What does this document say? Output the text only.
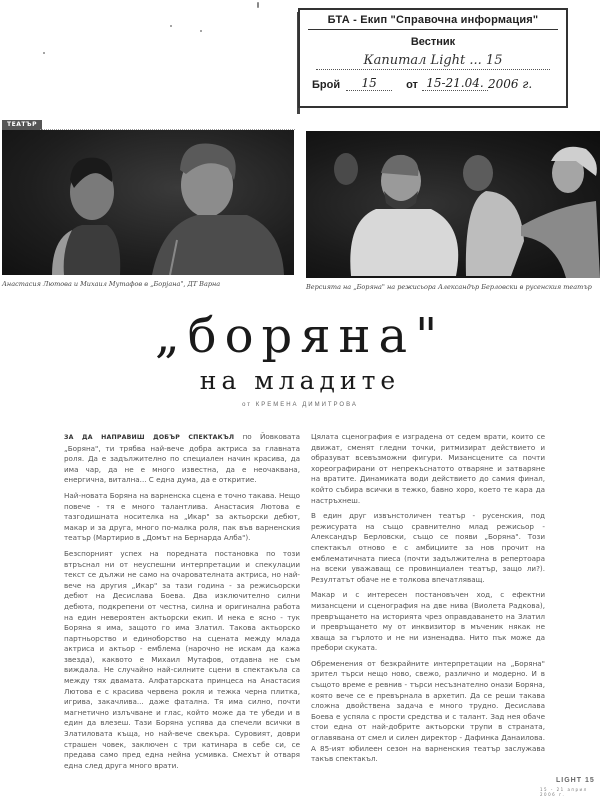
БТА - Екип "Справочна информация"
Вестник
Капитал Light ... 15
Брой	15	от 15-21.04. 2006 г.
ТЕАТЪР
Анастасия Лютова и Михаил Мутафов в „Борjана", ДТ Варна	Версията на „Боряна" на режисьора Александър Берловски в русенския театър
„боряна"
на младите
от КРЕМЕНА ДИМИТРОВА

ЗА ДА НАПРАВИШ ДОБЪР СПЕКТАКЪЛ по Йовковата „Боряна", ти трябва най-вече добра актриса за главната роля. Да е задължително по специален начин красива, да има чар, да не е много известна, да е неочаквана, енергична, витална... С една дума, да е откритие.

Най-новата Боряна на варненска сцена е точно такава. Нещо повече - тя е много талантлива. Анастасия Лютова е тазгодишната носителка на „Икар" за актьорски дебют, макар и за друга, много по-малка роля, пак във варненския театър (Мартирио в „Домът на Бернарда Алба").

Безспорният успех на поредната постановка по този втръснал ни от неуспешни интерпретации и спекулации текст се дължи не само на очарователната актриса, но най-вече на другия „Икар" за тази година - за режисьорски дебют на Десислава Боева. Два изключително силни дебюта, подкрепени от честна, силна и оригинална работа на един невероятен актьорски екип. И нека е ясно - тук Боряна я има, защото го има Златил. Такова актьорско партньорство и единоборство на сцената между млада актриса и актьор - емблема (нарочно не искам да кажа звезда), каквото е Михаил Мутафов, отдавна не съм виждала. Не случайно най-силните сцени в спектакъла са между тях двамата. Алфатарската принцеса на Анастасия Лютова е с красива червена рокля и тежка черна плитка, игрива, закачлива... даже фатална. Тя има силно, почти магнетично излъчване и глас, който може да те убеди и в един да влезеш. Тази Боряна успява да спечели всички в Златиловата къща, но най-вече свекъра. Суровият, доври страшен човек, заключен с три катинара в себе си, се предава само пред една нейна усмивка. Смехът ѝ отваря една след друга много врати.

Цялата сценография е изградена от седем врати, които се движат, сменят гледни точки, ритмизират действието и образуват всевъзможни фигури. Мизансцените са почти хореографирани от непрекъснатото отваряне и затваряне на вратите. Динамиката води действието до самия финал, който събира всички в тежко, бавно хоро, което те кара да настръхнеш.

В един друг извънстоличен театър - русенския, под режисурата на също сравнително млад режисьор - Александър Берловски, също се появи „Боряна". Този спектакъл отново е с амбициите за нов прочит на емблематичната пиеса (почти задължителна в репертоара на всеки уважаващ се провинциален театър, защо ли?). Резултатът обаче не е толкова впечатляващ.

Макар и с интересен постановъчен ход, с ефектни мизансцени и сценография на две нива (Виолета Радкова), превръщането на историята чрез оправдаването на Златил и превръщането му от инквизитор в мъченик някак не хваща за гърлото и не ни изненадва. Нито пък може да пребори скуката.

Обременения от безкрайните интерпретации на „Боряна" зрител търси нещо ново, свежо, различно и модерно. И в същото време е ревнив - търси несъзнателно онази Боряна, която вече се е превърнала в архетип. Да се реши такава сложна двойствена задача е много трудно. Десислава Боева е успяла с прости средства и с талант. Зад нея обаче стои една от най-добрите актьорски трупи в страната, оглавявана от смел и силен директор - Дафинка Данаилова. А 85-ият юбилеен сезон на варненския театър заслужава такъв спектакъл.

LIGHT 15
15 - 21 април 2006 г.
